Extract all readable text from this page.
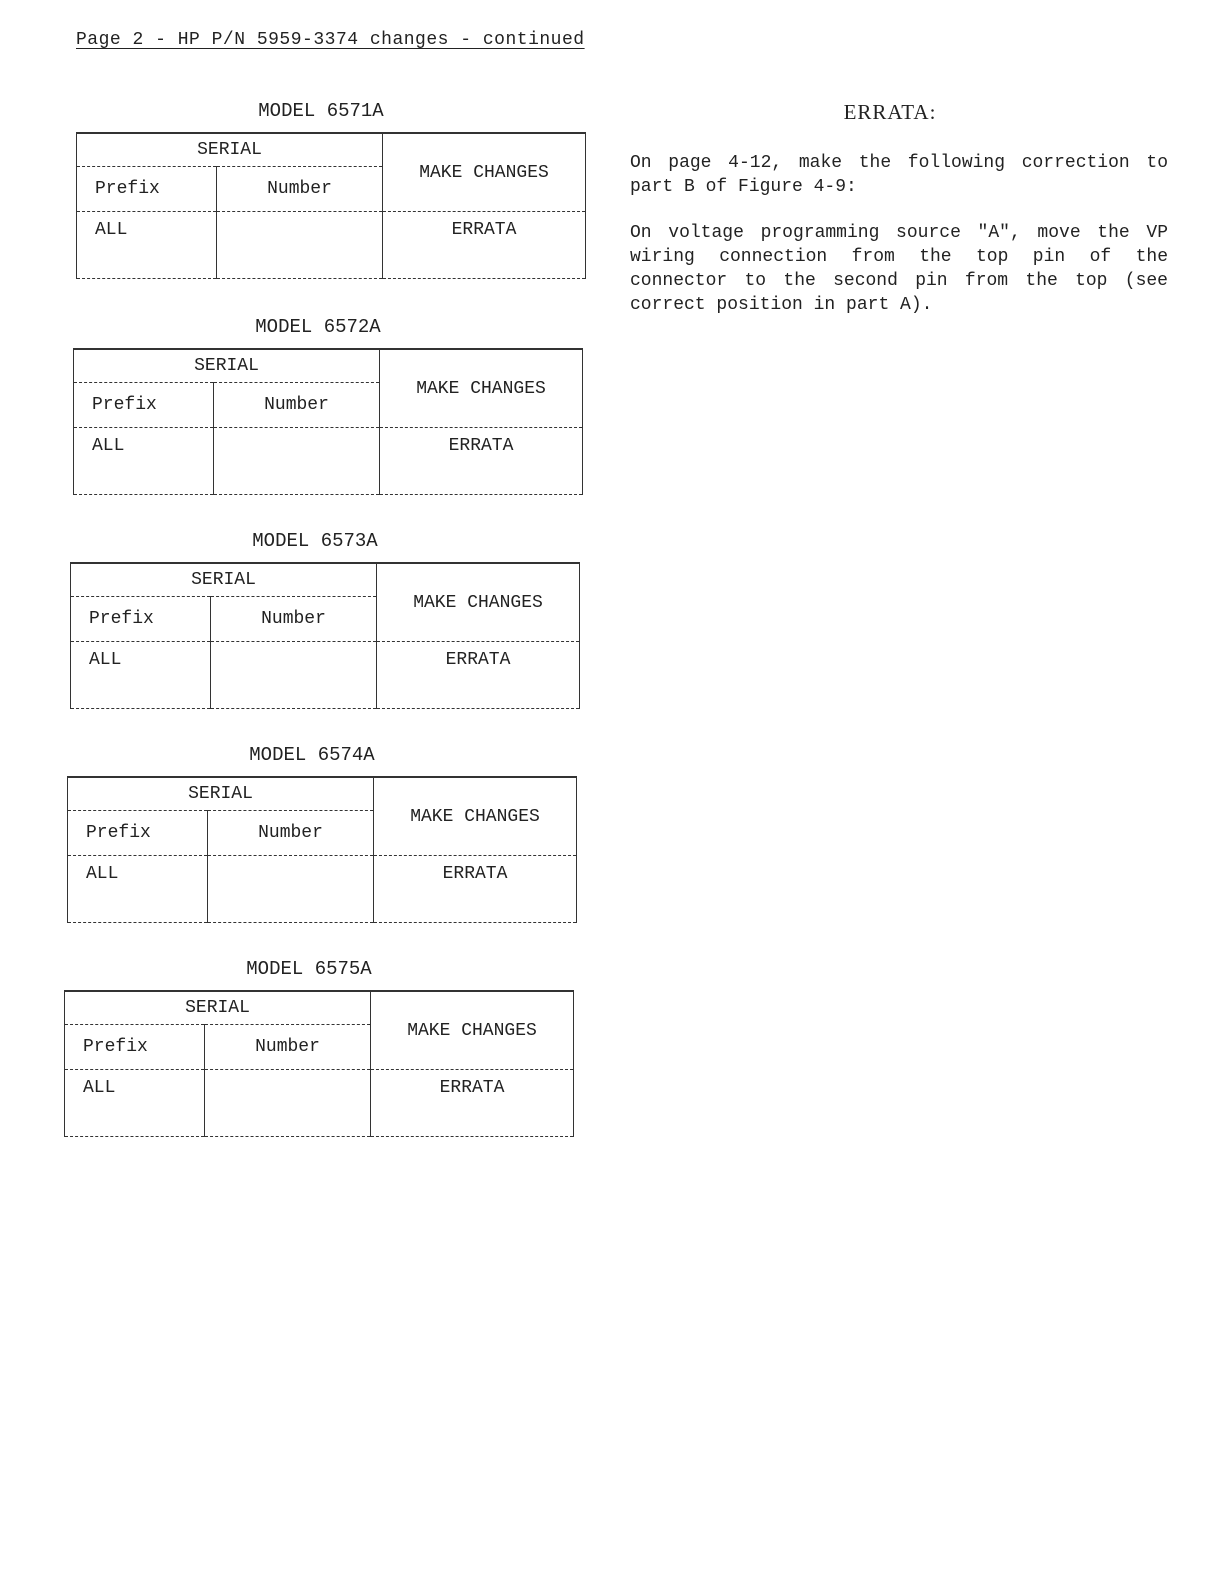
Page 2 - HP P/N 5959-3374 changes - continued
MODEL 6571A
SERIAL		MAKE CHANGES
Prefix	Number	
ALL		ERRATA
MODEL 6572A
SERIAL		MAKE CHANGES
Prefix	Number	
ALL		ERRATA
MODEL 6573A
SERIAL		MAKE CHANGES
Prefix	Number	
ALL		ERRATA
MODEL 6574A
SERIAL		MAKE CHANGES
Prefix	Number	
ALL		ERRATA
MODEL 6575A
SERIAL		MAKE CHANGES
Prefix	Number	
ALL		ERRATA
ERRATA:

On page 4-12, make the following correction to part B of Figure 4-9:

On voltage programming source "A", move the VP wiring connection from the top pin of the connector to the second pin from the top (see correct position in part A).
